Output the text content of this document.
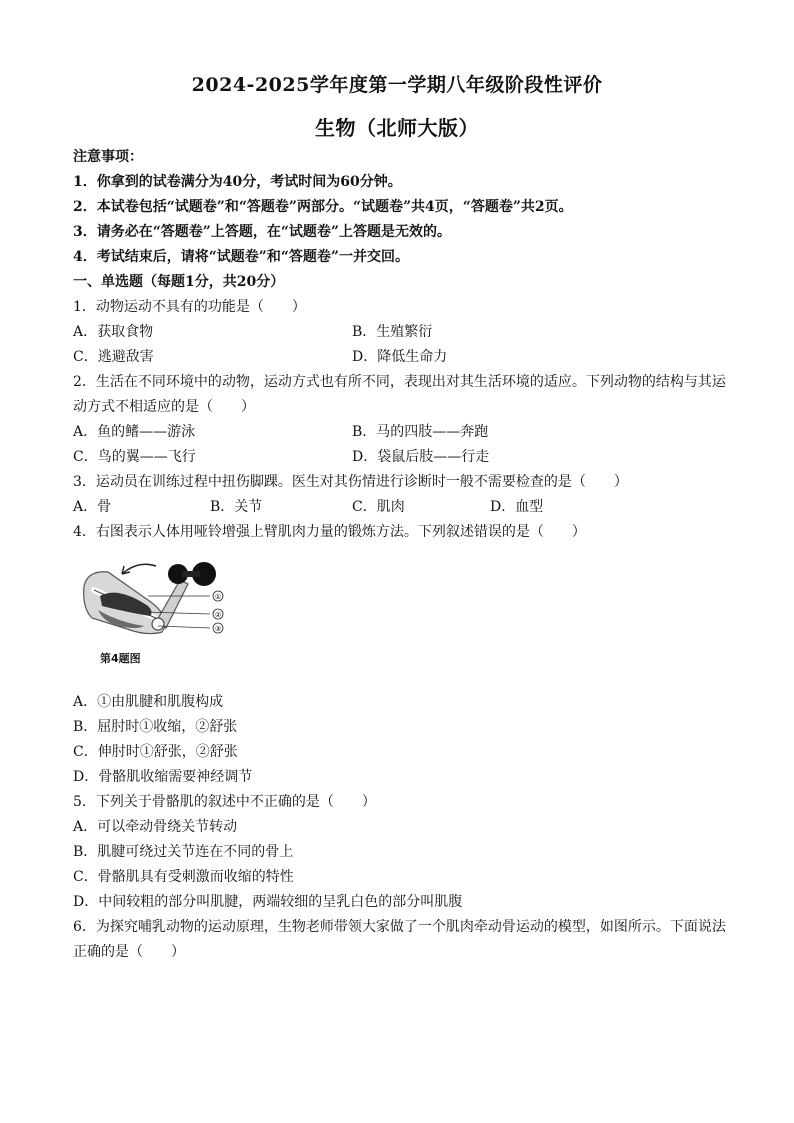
2024-2025学年度第一学期八年级阶段性评价
生物（北师大版）
注意事项：
1．你拿到的试卷满分为40分，考试时间为60分钟。
2．本试卷包括“试题卷”和“答题卷”两部分。“试题卷”共4页，“答题卷”共2页。
3．请务必在“答题卷”上答题，在“试题卷”上答题是无效的。
4．考试结束后，请将“试题卷”和“答题卷”一并交回。
一、单选题（每题1分，共20分）
1．动物运动不具有的功能是（　　）
A．获取食物	B．生殖繁衍
C．逃避敌害	D．降低生命力
2．生活在不同环境中的动物，运动方式也有所不同，表现出对其生活环境的适应。下列动物的结构与其运
动方式不相适应的是（　　）
A．鱼的鳍——游泳	B．马的四肢——奔跑
C．鸟的翼——飞行	D．袋鼠后肢——行走
3．运动员在训练过程中扭伤脚踝。医生对其伤情进行诊断时一般不需要检查的是（　　）
A．骨	B．关节	C．肌肉	D．血型
4．右图表示人体用哑铃增强上臂肌肉力量的锻炼方法。下列叙述错误的是（　　）
①
②
③
第4题图
A．①由肌腱和肌腹构成
B．屈肘时①收缩，②舒张
C．伸肘时①舒张，②舒张
D．骨骼肌收缩需要神经调节
5．下列关于骨骼肌的叙述中不正确的是（　　）
A．可以牵动骨绕关节转动
B．肌腱可绕过关节连在不同的骨上
C．骨骼肌具有受刺激而收缩的特性
D．中间较粗的部分叫肌腱，两端较细的呈乳白色的部分叫肌腹
6．为探究哺乳动物的运动原理，生物老师带领大家做了一个肌肉牵动骨运动的模型，如图所示。下面说法
正确的是（　　）
